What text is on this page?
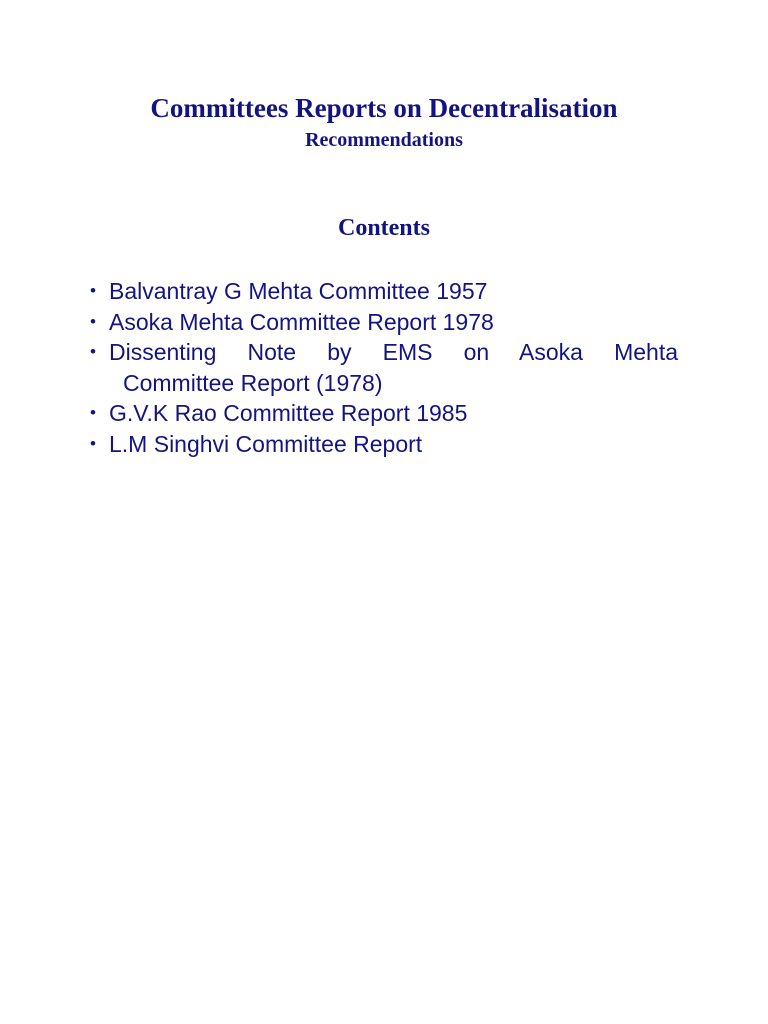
Committees Reports on Decentralisation
Recommendations
Contents
• Balvantray G Mehta Committee 1957
• Asoka Mehta Committee Report 1978
• Dissenting Note by EMS on Asoka Mehta
Committee Report (1978)
• G.V.K Rao Committee Report 1985
• L.M Singhvi Committee Report
